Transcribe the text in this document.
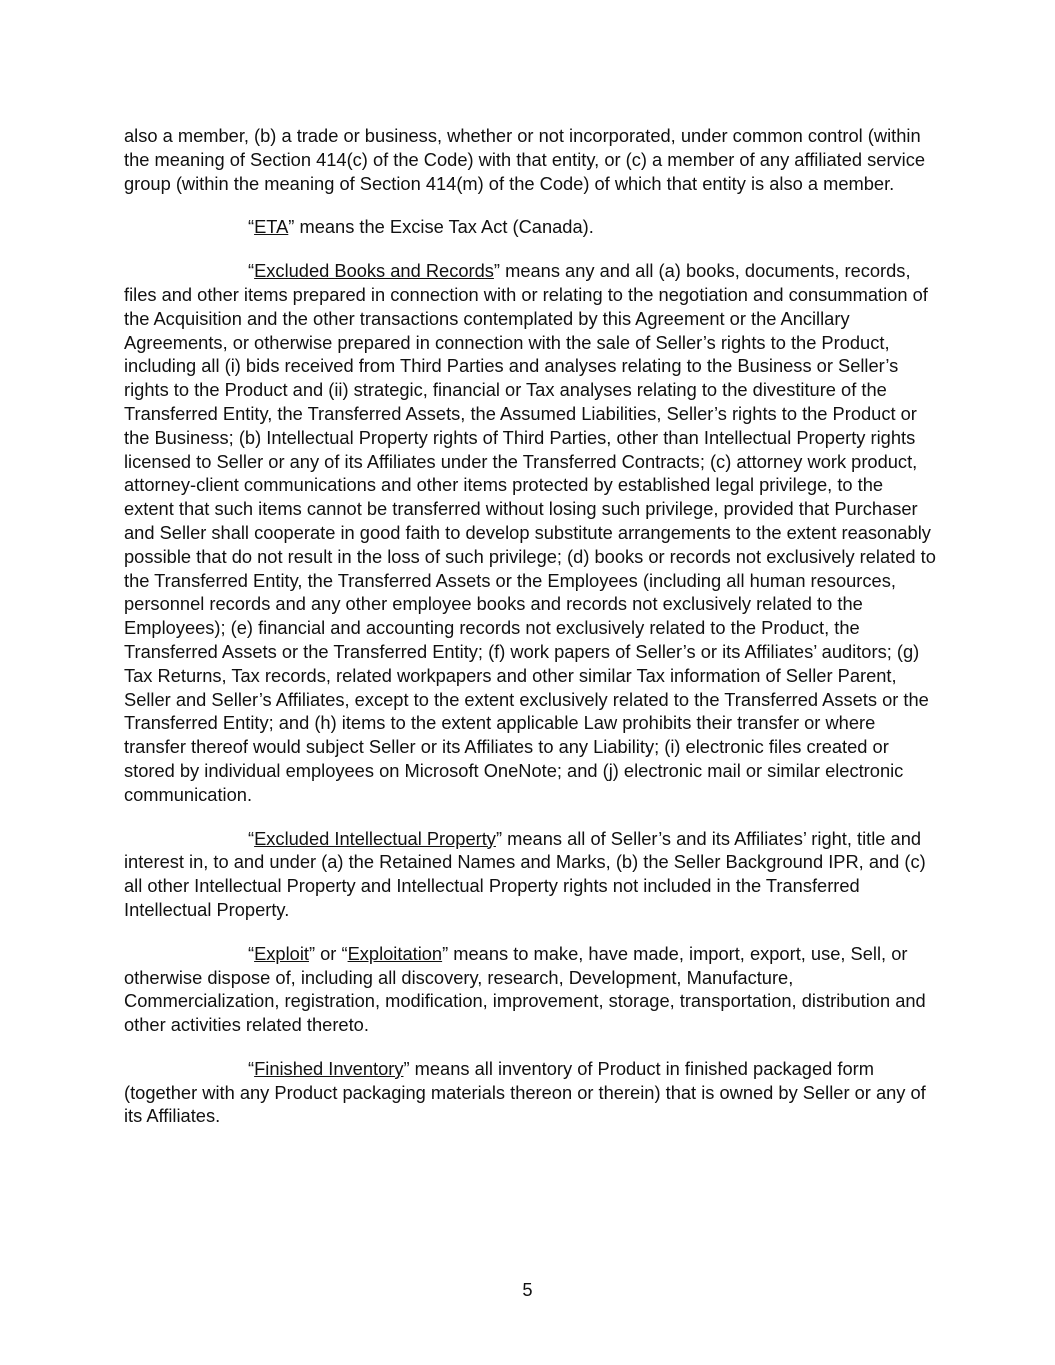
also a member, (b) a trade or business, whether or not incorporated, under common control (within the meaning of Section 414(c) of the Code) with that entity, or (c) a member of any affiliated service group (within the meaning of Section 414(m) of the Code) of which that entity is also a member.

“ETA” means the Excise Tax Act (Canada).

“Excluded Books and Records” means any and all (a) books, documents, records, files and other items prepared in connection with or relating to the negotiation and consummation of the Acquisition and the other transactions contemplated by this Agreement or the Ancillary Agreements, or otherwise prepared in connection with the sale of Seller’s rights to the Product, including all (i) bids received from Third Parties and analyses relating to the Business or Seller’s rights to the Product and (ii) strategic, financial or Tax analyses relating to the divestiture of the Transferred Entity, the Transferred Assets, the Assumed Liabilities, Seller’s rights to the Product or the Business; (b) Intellectual Property rights of Third Parties, other than Intellectual Property rights licensed to Seller or any of its Affiliates under the Transferred Contracts; (c) attorney work product, attorney-client communications and other items protected by established legal privilege, to the extent that such items cannot be transferred without losing such privilege, provided that Purchaser and Seller shall cooperate in good faith to develop substitute arrangements to the extent reasonably possible that do not result in the loss of such privilege; (d) books or records not exclusively related to the Transferred Entity, the Transferred Assets or the Employees (including all human resources, personnel records and any other employee books and records not exclusively related to the Employees); (e) financial and accounting records not exclusively related to the Product, the Transferred Assets or the Transferred Entity; (f) work papers of Seller’s or its Affiliates’ auditors; (g) Tax Returns, Tax records, related workpapers and other similar Tax information of Seller Parent, Seller and Seller’s Affiliates, except to the extent exclusively related to the Transferred Assets or the Transferred Entity; and (h) items to the extent applicable Law prohibits their transfer or where transfer thereof would subject Seller or its Affiliates to any Liability; (i) electronic files created or stored by individual employees on Microsoft OneNote; and (j) electronic mail or similar electronic communication.

“Excluded Intellectual Property” means all of Seller’s and its Affiliates’ right, title and interest in, to and under (a) the Retained Names and Marks, (b) the Seller Background IPR, and (c) all other Intellectual Property and Intellectual Property rights not included in the Transferred Intellectual Property.

“Exploit” or “Exploitation” means to make, have made, import, export, use, Sell, or otherwise dispose of, including all discovery, research, Development, Manufacture, Commercialization, registration, modification, improvement, storage, transportation, distribution and other activities related thereto.

“Finished Inventory” means all inventory of Product in finished packaged form (together with any Product packaging materials thereon or therein) that is owned by Seller or any of its Affiliates.

5
